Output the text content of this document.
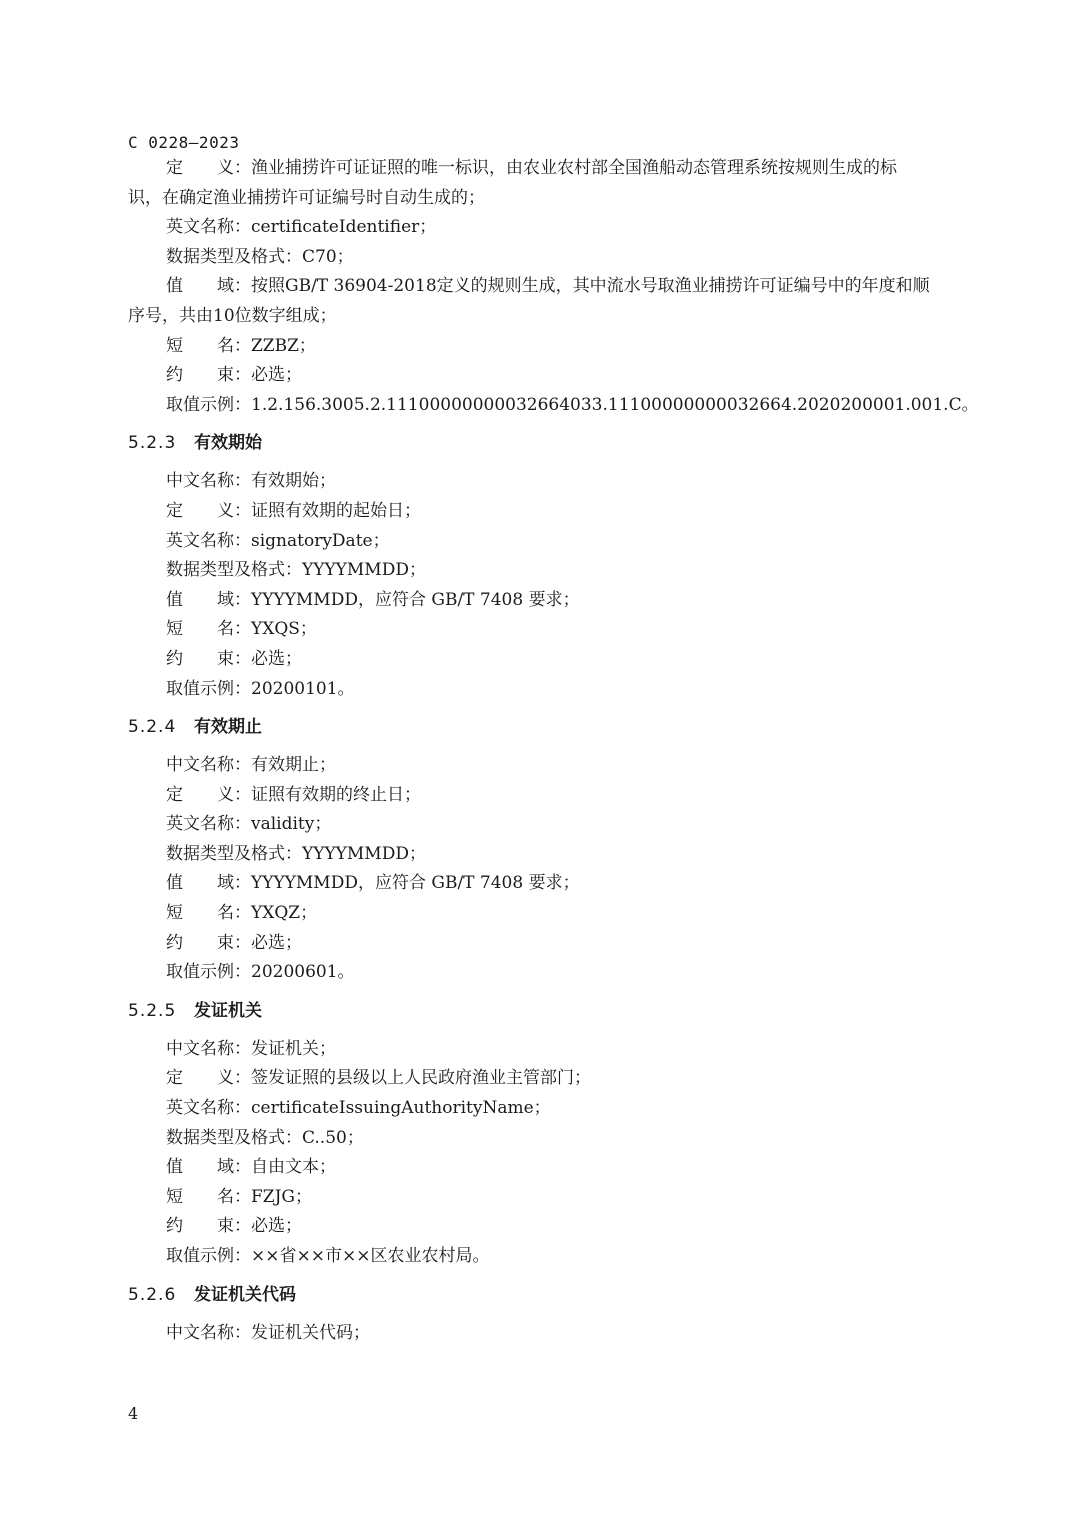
C 0228—2023
定　　义：渔业捕捞许可证证照的唯一标识，由农业农村部全国渔船动态管理系统按规则生成的标
识，在确定渔业捕捞许可证编号时自动生成的；
英文名称：certificateIdentifier；
数据类型及格式：C70；
值　　域：按照GB/T 36904-2018定义的规则生成，其中流水号取渔业捕捞许可证编号中的年度和顺
序号，共由10位数字组成；
短　　名：ZZBZ；
约　　束：必选；
取值示例：1.2.156.3005.2.11100000000032664033.11100000000032664.2020200001.001.C。
5.2.3 有效期始
中文名称：有效期始；
定　　义：证照有效期的起始日；
英文名称：signatoryDate；
数据类型及格式：YYYYMMDD；
值　　域：YYYYMMDD，应符合 GB/T 7408 要求；
短　　名：YXQS；
约　　束：必选；
取值示例：20200101。
5.2.4 有效期止
中文名称：有效期止；
定　　义：证照有效期的终止日；
英文名称：validity；
数据类型及格式：YYYYMMDD；
值　　域：YYYYMMDD，应符合 GB/T 7408 要求；
短　　名：YXQZ；
约　　束：必选；
取值示例：20200601。
5.2.5 发证机关
中文名称：发证机关；
定　　义：签发证照的县级以上人民政府渔业主管部门；
英文名称：certificateIssuingAuthorityName；
数据类型及格式：C..50；
值　　域：自由文本；
短　　名：FZJG；
约　　束：必选；
取值示例：××省××市××区农业农村局。
5.2.6 发证机关代码
中文名称：发证机关代码；
4
